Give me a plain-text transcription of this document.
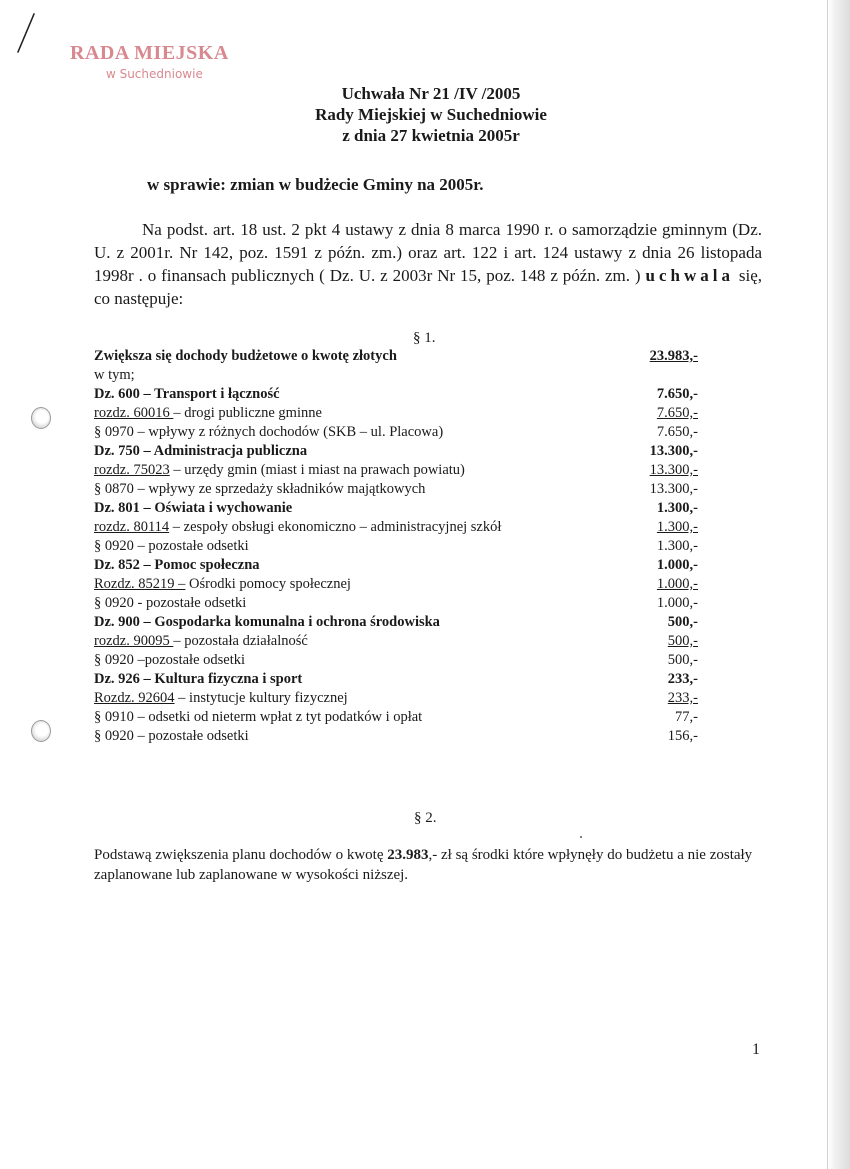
RADA MIEJSKA
w Suchedniowie
Uchwała Nr 21 /IV /2005
Rady Miejskiej w Suchedniowie
z dnia 27 kwietnia 2005r
w sprawie: zmian w budżecie Gminy na 2005r.
Na podst. art. 18 ust. 2 pkt 4 ustawy z dnia 8 marca 1990 r. o samorządzie gminnym (Dz. U. z 2001r. Nr 142, poz. 1591 z późn. zm.) oraz art. 122 i art. 124 ustawy z dnia 26 listopada 1998r . o finansach publicznych ( Dz. U. z 2003r Nr 15, poz. 148 z późn. zm. ) uchwala się, co następuje:
§ 1.
Zwiększa się dochody budżetowe o kwotę złotych	23.983,-
w tym;
Dz. 600 – Transport i łączność	7.650,-
rozdz. 60016 – drogi publiczne gminne	7.650,-
§ 0970 – wpływy z różnych dochodów (SKB – ul. Placowa)	7.650,-
Dz. 750 – Administracja publiczna	13.300,-
rozdz. 75023 – urzędy gmin (miast i miast na prawach powiatu)	13.300,-
§ 0870 – wpływy ze sprzedaży składników majątkowych	13.300,-
Dz. 801 – Oświata i wychowanie	1.300,-
rozdz. 80114 – zespoły obsługi ekonomiczno – administracyjnej szkół	1.300,-
§ 0920 – pozostałe odsetki	1.300,-
Dz. 852 – Pomoc społeczna	1.000,-
Rozdz. 85219 – Ośrodki pomocy społecznej	1.000,-
§ 0920 - pozostałe odsetki	1.000,-
Dz. 900 – Gospodarka komunalna i ochrona środowiska	500,-
rozdz. 90095 – pozostała działalność	500,-
§ 0920 –pozostałe odsetki	500,-
Dz. 926 – Kultura fizyczna i sport	233,-
Rozdz. 92604 – instytucje kultury fizycznej	233,-
§ 0910 – odsetki od nieterm wpłat z tyt podatków i opłat	77,-
§ 0920 – pozostałe odsetki	156,-
§ 2.
Podstawą zwiększenia planu dochodów o kwotę 23.983,- zł są środki które wpłynęły do budżetu a nie zostały zaplanowane lub zaplanowane w wysokości niższej.
1
